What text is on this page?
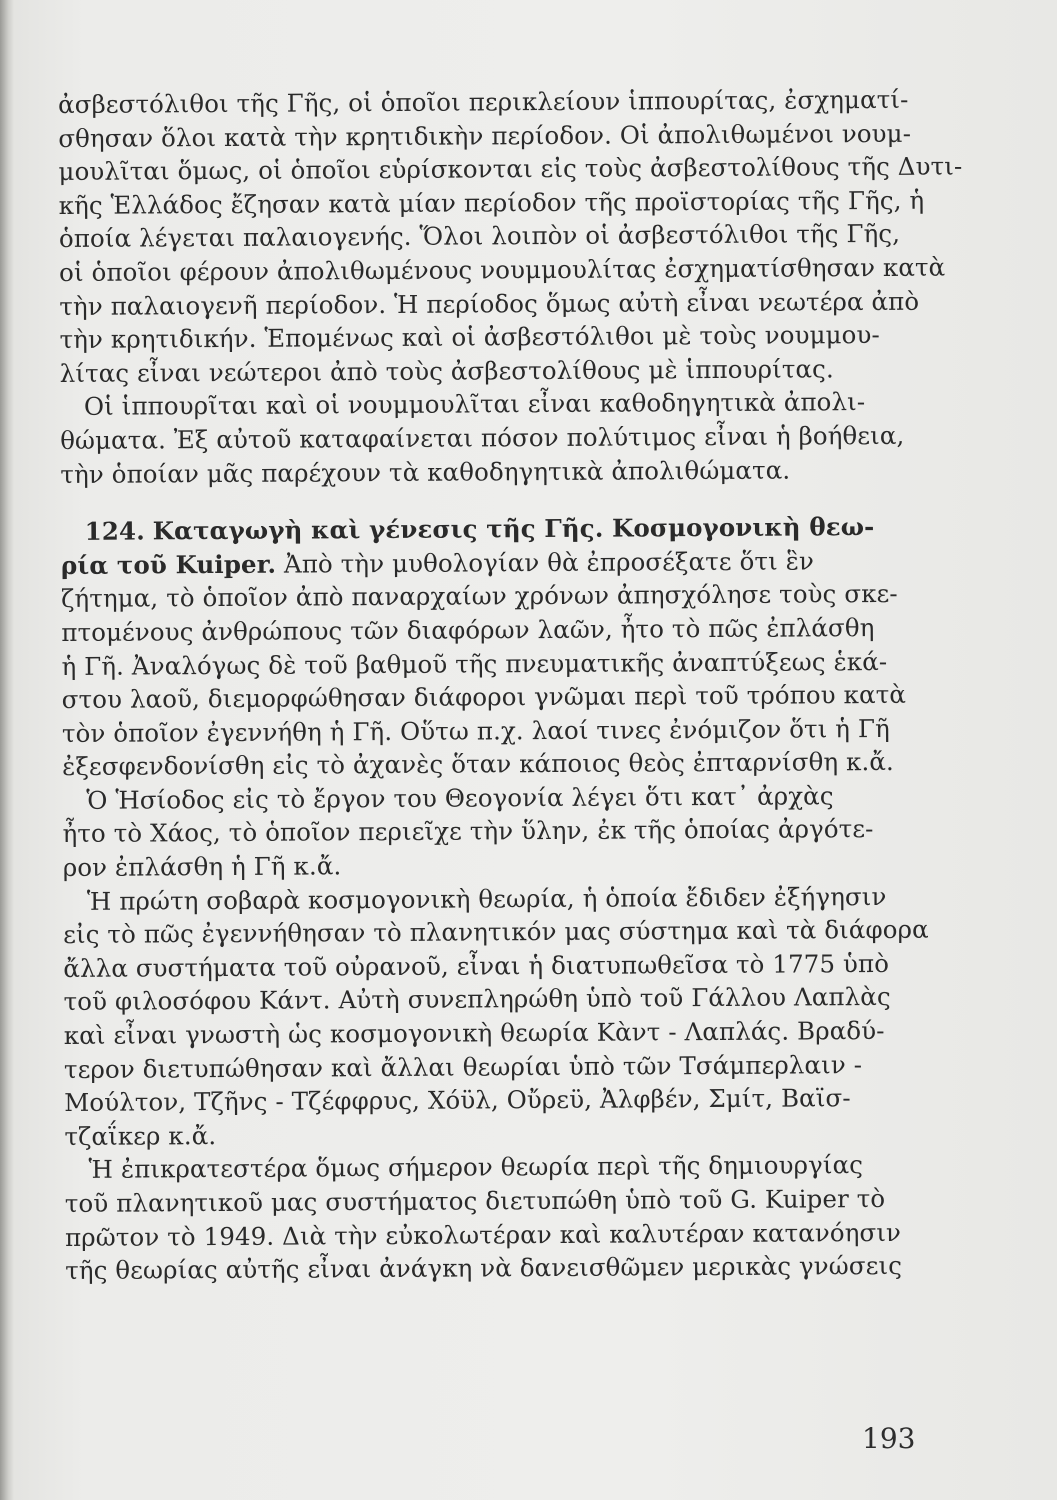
ἀσβεστόλιθοι τῆς Γῆς, οἱ ὁποῖοι περικλείουν ἱππουρίτας, ἐσχηματί-
σθησαν ὅλοι κατὰ τὴν κρητιδικὴν περίοδον. Οἱ ἀπολιθωμένοι νουμ-
μουλῖται ὅμως, οἱ ὁποῖοι εὑρίσκονται εἰς τοὺς ἀσβεστολίθους τῆς Δυτι-
κῆς Ἑλλάδος ἔζησαν κατὰ μίαν περίοδον τῆς προϊστορίας τῆς Γῆς, ἡ
ὁποία λέγεται παλαιογενής. Ὅλοι λοιπὸν οἱ ἀσβεστόλιθοι τῆς Γῆς,
οἱ ὁποῖοι φέρουν ἀπολιθωμένους νουμμουλίτας ἐσχηματίσθησαν κατὰ
τὴν παλαιογενῆ περίοδον. Ἡ περίοδος ὅμως αὐτὴ εἶναι νεωτέρα ἀπὸ
τὴν κρητιδικήν. Ἑπομένως καὶ οἱ ἀσβεστόλιθοι μὲ τοὺς νουμμου-
λίτας εἶναι νεώτεροι ἀπὸ τοὺς ἀσβεστολίθους μὲ ἱππουρίτας.
Οἱ ἱππουρῖται καὶ οἱ νουμμουλῖται εἶναι καθοδηγητικὰ ἀπολι-
θώματα. Ἐξ αὐτοῦ καταφαίνεται πόσον πολύτιμος εἶναι ἡ βοήθεια,
τὴν ὁποίαν μᾶς παρέχουν τὰ καθοδηγητικὰ ἀπολιθώματα.
124. Καταγωγὴ καὶ γένεσις τῆς Γῆς. Κοσμογονικὴ θεω-
ρία τοῦ Kuiper. Ἀπὸ τὴν μυθολογίαν θὰ ἐπροσέξατε ὅτι ἓν
ζήτημα, τὸ ὁποῖον ἀπὸ παναρχαίων χρόνων ἀπησχόλησε τοὺς σκε-
πτομένους ἀνθρώπους τῶν διαφόρων λαῶν, ἦτο τὸ πῶς ἐπλάσθη
ἡ Γῆ. Ἀναλόγως δὲ τοῦ βαθμοῦ τῆς πνευματικῆς ἀναπτύξεως ἑκά-
στου λαοῦ, διεμορφώθησαν διάφοροι γνῶμαι περὶ τοῦ τρόπου κατὰ
τὸν ὁποῖον ἐγεννήθη ἡ Γῆ. Οὕτω π.χ. λαοί τινες ἐνόμιζον ὅτι ἡ Γῆ
ἐξεσφενδονίσθη εἰς τὸ ἀχανὲς ὅταν κάποιος θεὸς ἐπταρνίσθη κ.ἄ.
Ὁ Ἡσίοδος εἰς τὸ ἔργον του Θεογονία λέγει ὅτι κατ᾽ ἀρχὰς
ἦτο τὸ Χάος, τὸ ὁποῖον περιεῖχε τὴν ὕλην, ἐκ τῆς ὁποίας ἀργότε-
ρον ἐπλάσθη ἡ Γῆ κ.ἄ.
Ἡ πρώτη σοβαρὰ κοσμογονικὴ θεωρία, ἡ ὁποία ἔδιδεν ἐξήγησιν
εἰς τὸ πῶς ἐγεννήθησαν τὸ πλανητικόν μας σύστημα καὶ τὰ διάφορα
ἄλλα συστήματα τοῦ οὐρανοῦ, εἶναι ἡ διατυπωθεῖσα τὸ 1775 ὑπὸ
τοῦ φιλοσόφου Κάντ. Αὐτὴ συνεπληρώθη ὑπὸ τοῦ Γάλλου Λαπλὰς
καὶ εἶναι γνωστὴ ὡς κοσμογονικὴ θεωρία Κὰντ - Λαπλάς. Βραδύ-
τερον διετυπώθησαν καὶ ἄλλαι θεωρίαι ὑπὸ τῶν Τσάμπερλαιν -
Μούλτον, Τζῆνς - Τζέφφρυς, Χόϋλ, Οὔρεϋ, Ἀλφβέν, Σμίτ, Βαϊσ-
τζαΐκερ κ.ἄ.
Ἡ ἐπικρατεστέρα ὅμως σήμερον θεωρία περὶ τῆς δημιουργίας
τοῦ πλανητικοῦ μας συστήματος διετυπώθη ὑπὸ τοῦ G. Kuiper τὸ
πρῶτον τὸ 1949. Διὰ τὴν εὐκολωτέραν καὶ καλυτέραν κατανόησιν
τῆς θεωρίας αὐτῆς εἶναι ἀνάγκη νὰ δανεισθῶμεν μερικὰς γνώσεις
193
